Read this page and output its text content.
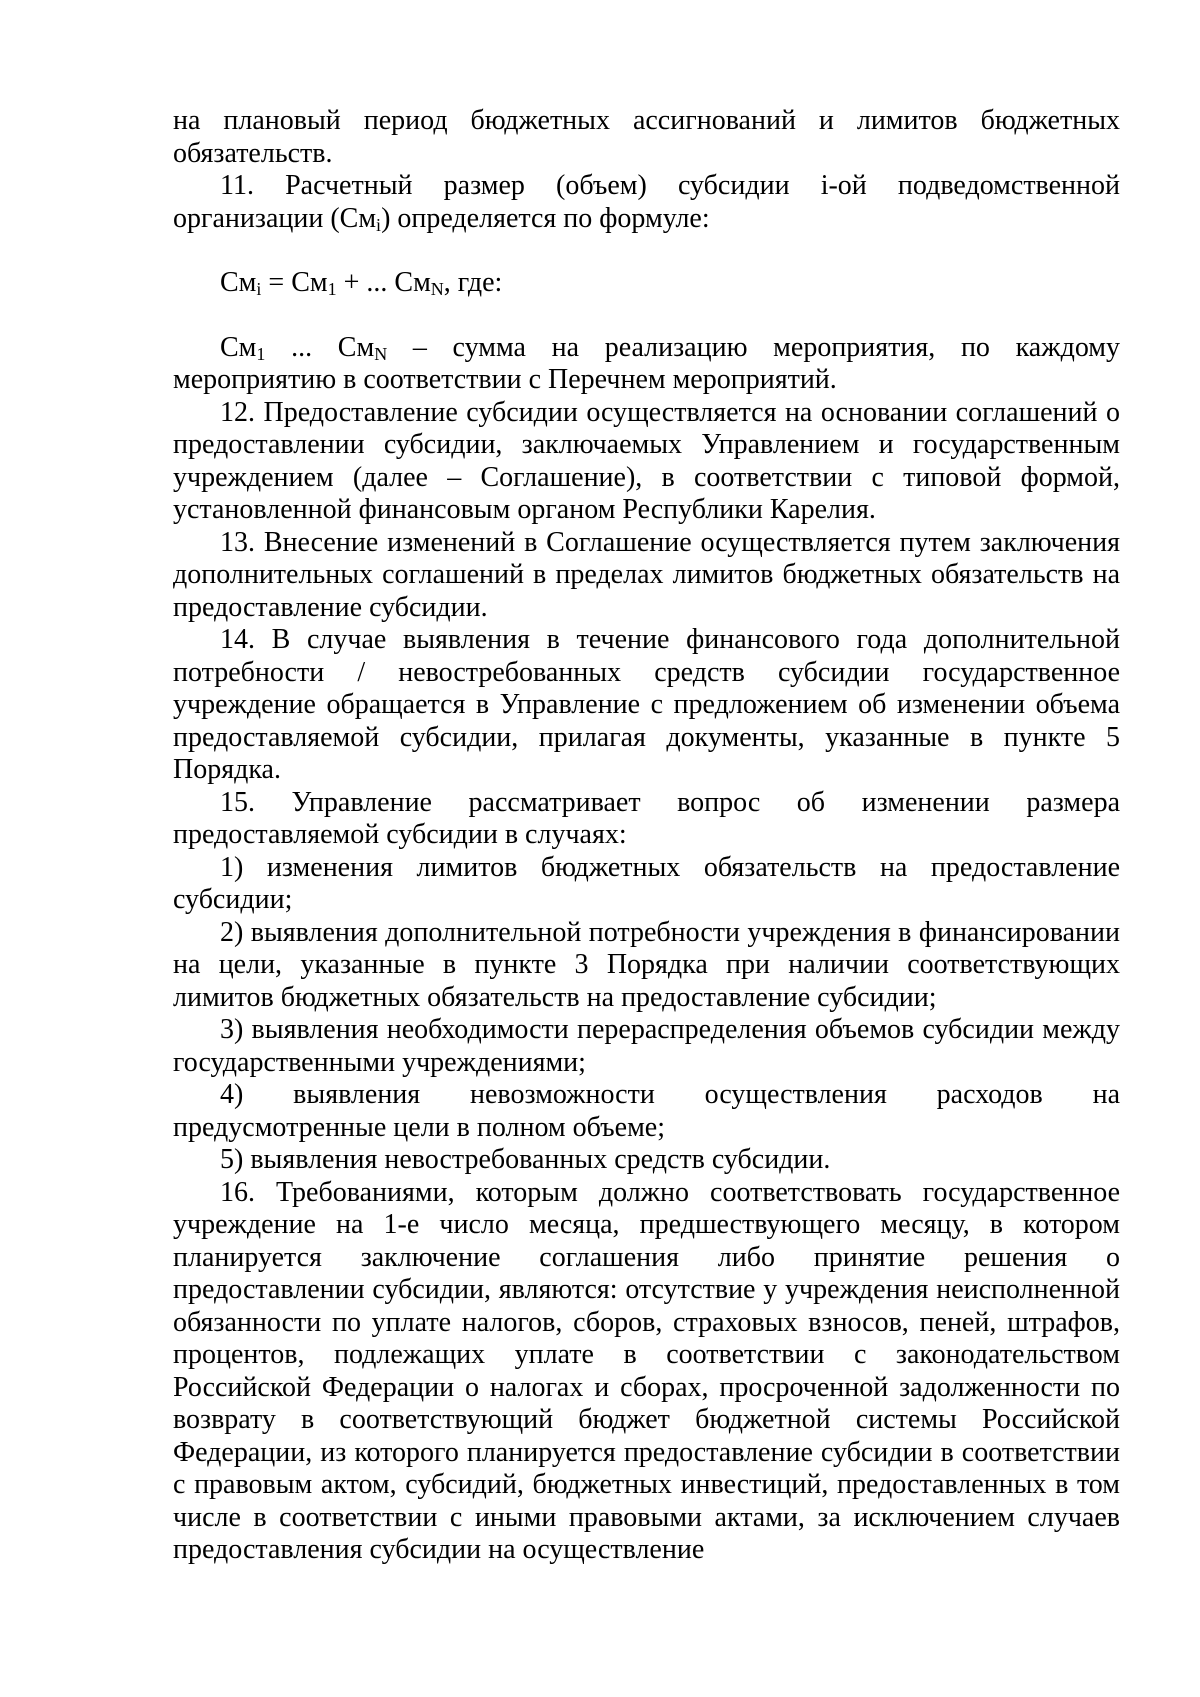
на плановый период бюджетных ассигнований и лимитов бюджетных обязательств.

11. Расчетный размер (объем) субсидии i-ой подведомственной организации $(См_i)$ определяется по формуле:

$См_i = См_1$ + ... $См_N$, где:

$См_1$ ... $См_N$ – сумма на реализацию мероприятия, по каждому мероприятию в соответствии с Перечнем мероприятий.

12. Предоставление субсидии осуществляется на основании соглашений о предоставлении субсидии, заключаемых Управлением и государственным учреждением (далее – Соглашение), в соответствии с типовой формой, установленной финансовым органом Республики Карелия.

13. Внесение изменений в Соглашение осуществляется путем заключения дополнительных соглашений в пределах лимитов бюджетных обязательств на предоставление субсидии.

14. В случае выявления в течение финансового года дополнительной потребности / невостребованных средств субсидии государственное учреждение обращается в Управление с предложением об изменении объема предоставляемой субсидии, прилагая документы, указанные в пункте 5 Порядка.

15. Управление рассматривает вопрос об изменении размера предоставляемой субсидии в случаях:

1) изменения лимитов бюджетных обязательств на предоставление субсидии;

2) выявления дополнительной потребности учреждения в финансировании на цели, указанные в пункте 3 Порядка при наличии соответствующих лимитов бюджетных обязательств на предоставление субсидии;

3) выявления необходимости перераспределения объемов субсидии между государственными учреждениями;

4) выявления невозможности осуществления расходов на предусмотренные цели в полном объеме;

5) выявления невостребованных средств субсидии.

16. Требованиями, которым должно соответствовать государственное учреждение на 1-е число месяца, предшествующего месяцу, в котором планируется заключение соглашения либо принятие решения о предоставлении субсидии, являются: отсутствие у учреждения неисполненной обязанности по уплате налогов, сборов, страховых взносов, пеней, штрафов, процентов, подлежащих уплате в соответствии с законодательством Российской Федерации о налогах и сборах, просроченной задолженности по возврату в соответствующий бюджет бюджетной системы Российской Федерации, из которого планируется предоставление субсидии в соответствии с правовым актом, субсидий, бюджетных инвестиций, предоставленных в том числе в соответствии с иными правовыми актами, за исключением случаев предоставления субсидии на осуществление
